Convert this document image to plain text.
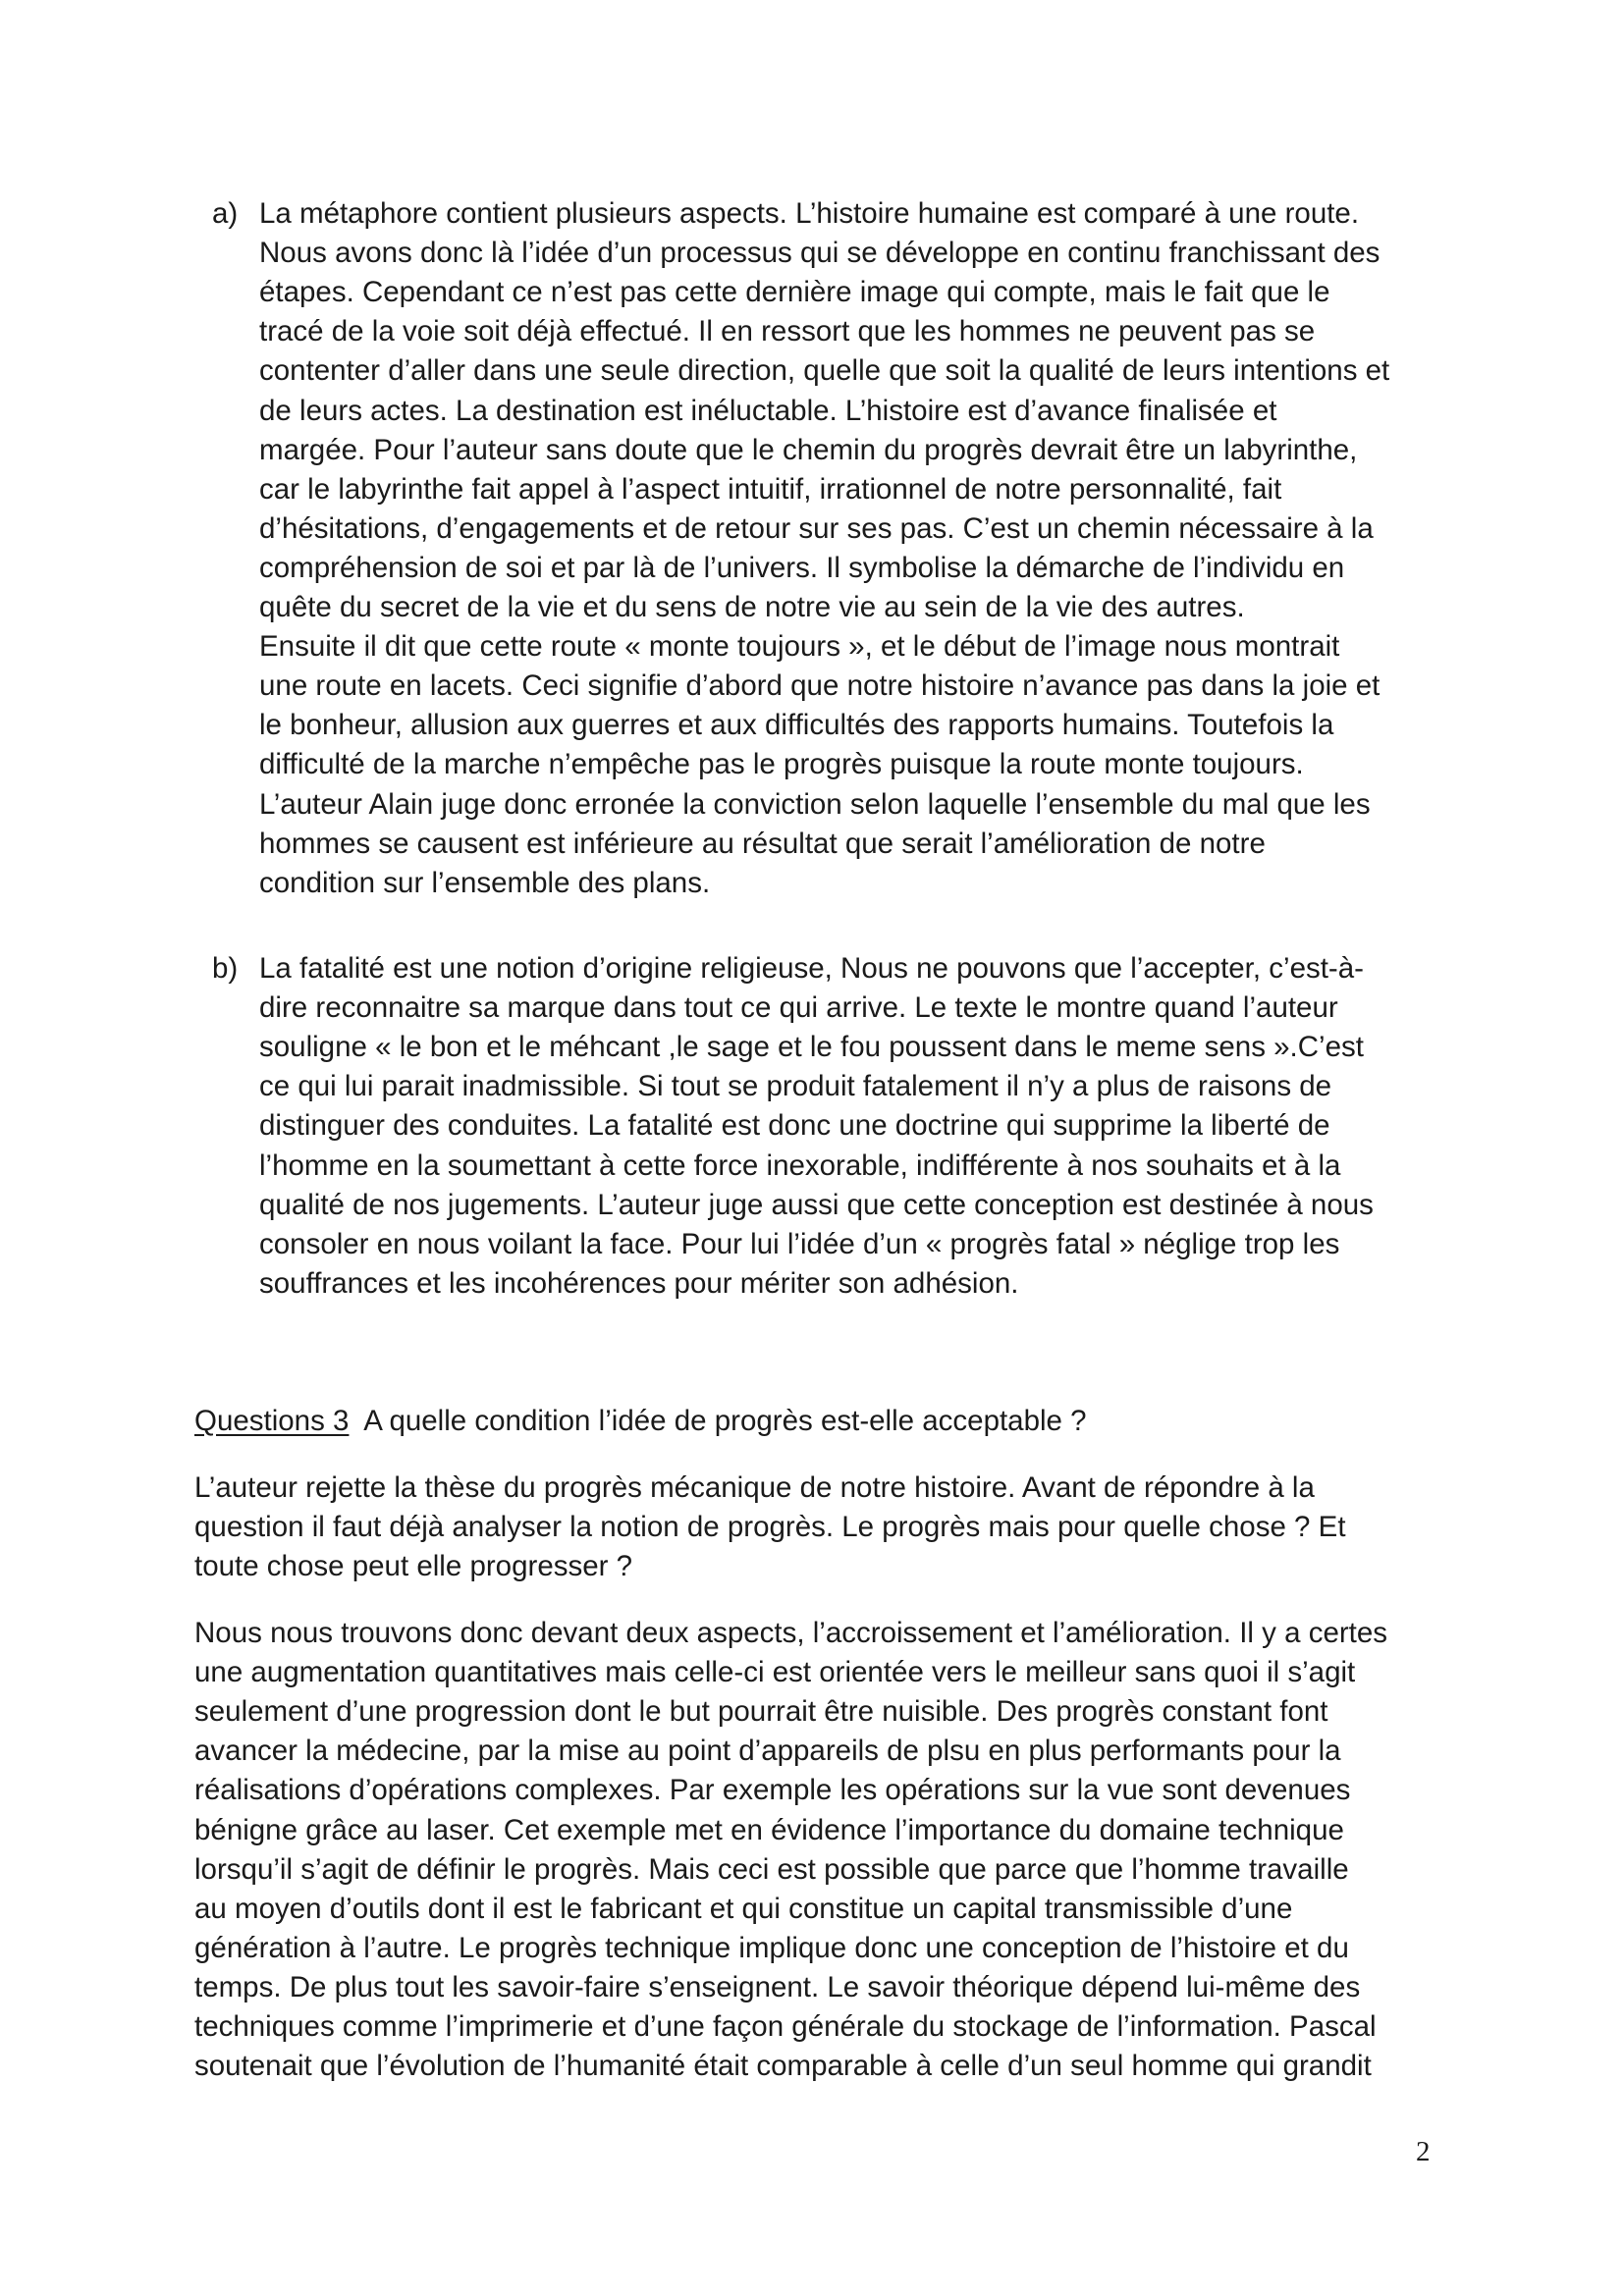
a) La métaphore contient plusieurs aspects. L’histoire humaine est comparé à une route.
Nous avons donc là l’idée d’un processus qui se développe en continu franchissant des
étapes. Cependant ce n’est pas cette dernière image qui compte, mais le fait que le
tracé de la voie soit déjà effectué. Il en ressort que les hommes ne peuvent pas se
contenter d’aller dans une seule direction, quelle que soit la qualité de leurs intentions et
de leurs actes. La destination est inéluctable. L’histoire est d’avance finalisée et
margée. Pour l’auteur sans doute que le chemin du progrès devrait être un labyrinthe,
car le labyrinthe fait appel à l’aspect intuitif, irrationnel de notre personnalité, fait
d’hésitations, d’engagements et de retour sur ses pas. C’est un chemin nécessaire à la
compréhension de soi et par là de l’univers. Il symbolise la démarche de l’individu en
quête du secret de la vie et du sens de notre vie au sein de la vie des autres.
Ensuite il dit que cette route « monte toujours », et le début de l’image nous montrait
une route en lacets. Ceci signifie d’abord que notre histoire n’avance pas dans la joie et
le bonheur, allusion aux guerres et aux difficultés des rapports humains. Toutefois la
difficulté de la marche n’empêche pas le progrès puisque la route monte toujours.
L’auteur Alain juge donc erronée la conviction selon laquelle l’ensemble du mal que les
hommes se causent est inférieure au résultat que serait l’amélioration de notre
condition sur l’ensemble des plans.
b) La fatalité est une notion d’origine religieuse, Nous ne pouvons que l’accepter, c’est-à-
dire reconnaitre sa marque dans tout ce qui arrive. Le texte le montre quand l’auteur
souligne « le bon et le méhcant ,le sage et le fou poussent dans le meme sens ».C’est
ce qui lui parait inadmissible. Si tout se produit fatalement il n’y a plus de raisons de
distinguer des conduites. La fatalité est donc une doctrine qui supprime la liberté de
l’homme en la soumettant à cette force inexorable, indifférente à nos souhaits et à la
qualité de nos jugements. L’auteur juge aussi que cette conception est destinée à nous
consoler en nous voilant la face. Pour lui l’idée d’un « progrès fatal » néglige trop les
souffrances et les incohérences pour mériter son adhésion.
Questions 3  A quelle condition l’idée de progrès est-elle acceptable ?
L’auteur rejette la thèse du progrès mécanique de notre histoire. Avant de répondre à la
question il faut déjà analyser la notion de progrès. Le progrès mais pour quelle chose ? Et
toute chose peut elle progresser ?
Nous nous trouvons donc devant deux aspects, l’accroissement et l’amélioration. Il y a certes
une augmentation quantitatives mais celle-ci est orientée vers le meilleur sans quoi il s’agit
seulement d’une progression dont le but pourrait être nuisible. Des progrès constant font
avancer la médecine, par la mise au point d’appareils de plsu en plus performants pour la
réalisations d’opérations complexes. Par exemple les opérations sur la vue sont devenues
bénigne grâce au laser. Cet exemple met en évidence l’importance du domaine technique
lorsqu’il s’agit de définir le progrès. Mais ceci est possible que parce que l’homme travaille
au moyen d’outils dont il est le fabricant et qui constitue un capital transmissible d’une
génération à l’autre. Le progrès technique implique donc une conception de l’histoire et du
temps. De plus tout les savoir-faire s’enseignent. Le savoir théorique dépend lui-même des
techniques comme l’imprimerie et d’une façon générale du stockage de l’information. Pascal
soutenait que l’évolution de l’humanité était comparable à celle d’un seul homme qui grandit
2
